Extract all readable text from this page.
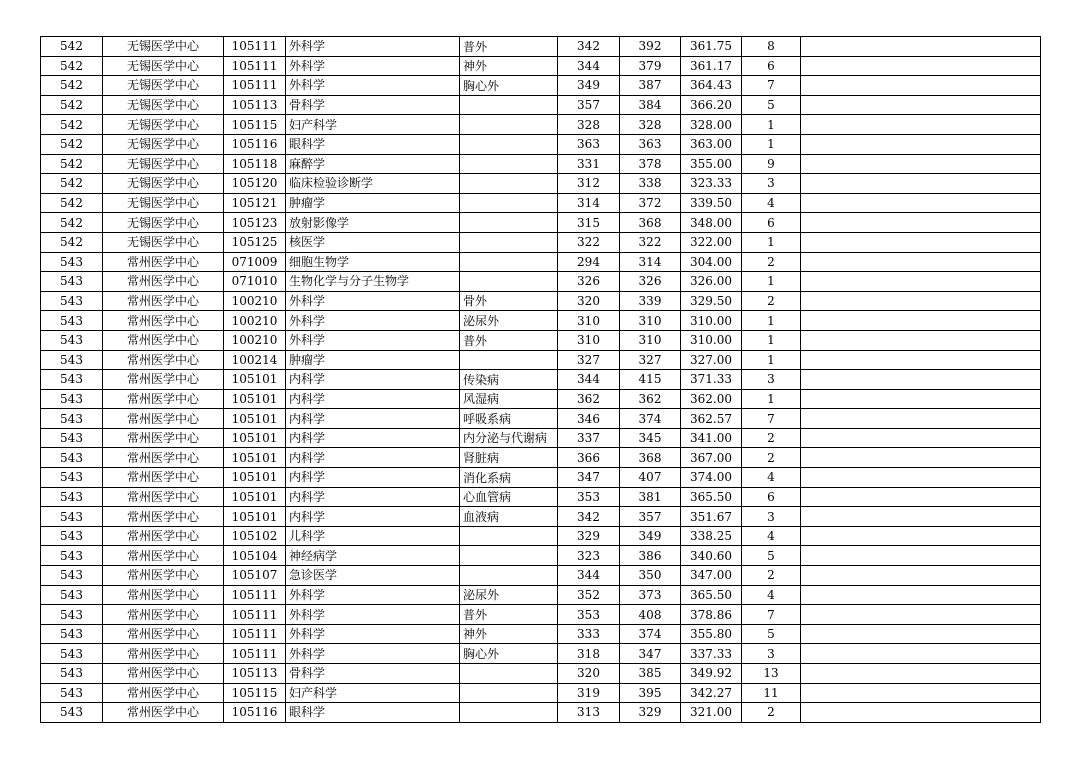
542	无锡医学中心	105111	外科学	普外	342	392	361.75	8	
542	无锡医学中心	105111	外科学	神外	344	379	361.17	6	
542	无锡医学中心	105111	外科学	胸心外	349	387	364.43	7	
542	无锡医学中心	105113	骨科学		357	384	366.20	5	
542	无锡医学中心	105115	妇产科学		328	328	328.00	1	
542	无锡医学中心	105116	眼科学		363	363	363.00	1	
542	无锡医学中心	105118	麻醉学		331	378	355.00	9	
542	无锡医学中心	105120	临床检验诊断学		312	338	323.33	3	
542	无锡医学中心	105121	肿瘤学		314	372	339.50	4	
542	无锡医学中心	105123	放射影像学		315	368	348.00	6	
542	无锡医学中心	105125	核医学		322	322	322.00	1	
543	常州医学中心	071009	细胞生物学		294	314	304.00	2	
543	常州医学中心	071010	生物化学与分子生物学		326	326	326.00	1	
543	常州医学中心	100210	外科学	骨外	320	339	329.50	2	
543	常州医学中心	100210	外科学	泌尿外	310	310	310.00	1	
543	常州医学中心	100210	外科学	普外	310	310	310.00	1	
543	常州医学中心	100214	肿瘤学		327	327	327.00	1	
543	常州医学中心	105101	内科学	传染病	344	415	371.33	3	
543	常州医学中心	105101	内科学	风湿病	362	362	362.00	1	
543	常州医学中心	105101	内科学	呼吸系病	346	374	362.57	7	
543	常州医学中心	105101	内科学	内分泌与代谢病	337	345	341.00	2	
543	常州医学中心	105101	内科学	肾脏病	366	368	367.00	2	
543	常州医学中心	105101	内科学	消化系病	347	407	374.00	4	
543	常州医学中心	105101	内科学	心血管病	353	381	365.50	6	
543	常州医学中心	105101	内科学	血液病	342	357	351.67	3	
543	常州医学中心	105102	儿科学		329	349	338.25	4	
543	常州医学中心	105104	神经病学		323	386	340.60	5	
543	常州医学中心	105107	急诊医学		344	350	347.00	2	
543	常州医学中心	105111	外科学	泌尿外	352	373	365.50	4	
543	常州医学中心	105111	外科学	普外	353	408	378.86	7	
543	常州医学中心	105111	外科学	神外	333	374	355.80	5	
543	常州医学中心	105111	外科学	胸心外	318	347	337.33	3	
543	常州医学中心	105113	骨科学		320	385	349.92	13	
543	常州医学中心	105115	妇产科学		319	395	342.27	11	
543	常州医学中心	105116	眼科学		313	329	321.00	2	
